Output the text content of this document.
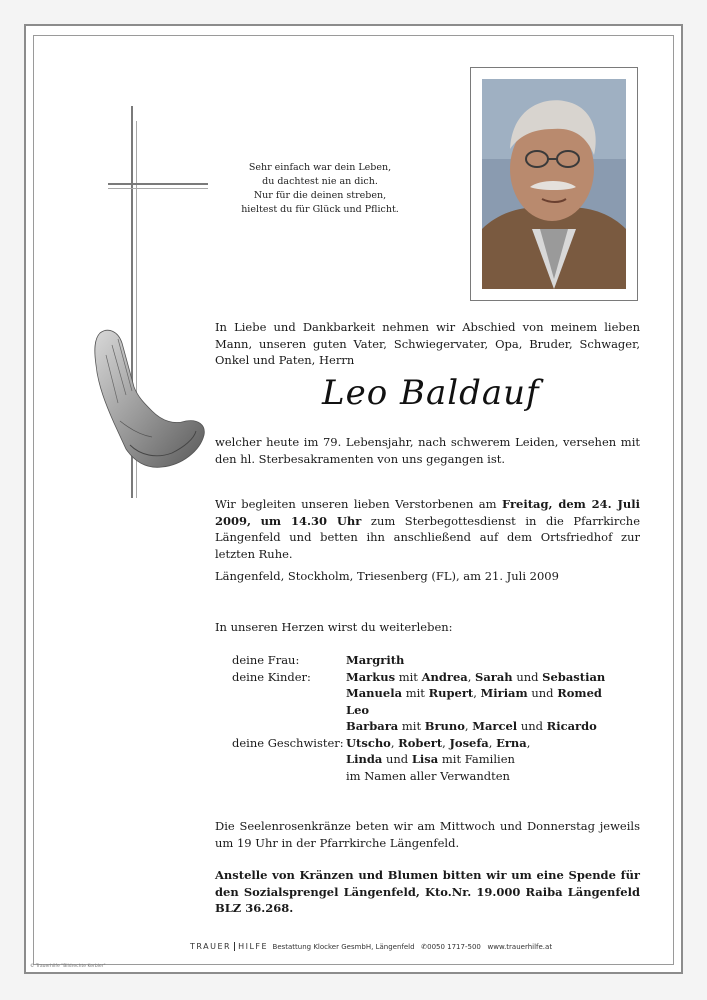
Sehr einfach war dein Leben,
du dachtest nie an dich.
Nur für die deinen streben,
hieltest du für Glück und Pflicht.
In Liebe und Dankbarkeit nehmen wir Abschied von meinem lieben Mann, unseren guten Vater, Schwiegervater, Opa, Bruder, Schwager, Onkel und Paten, Herrn
Leo Baldauf
welcher heute im 79. Lebensjahr, nach schwerem Leiden, versehen mit den hl. Sterbesakramenten von uns gegangen ist.
Wir begleiten unseren lieben Verstorbenen am Freitag, dem 24. Juli 2009, um 14.30 Uhr zum Sterbegottesdienst in die Pfarrkirche Längenfeld und betten ihn anschließend auf dem Ortsfriedhof zur letzten Ruhe.
Längenfeld, Stockholm, Triesenberg (FL), am 21. Juli 2009
In unseren Herzen wirst du weiterleben:
deine Frau:	Margrith
deine Kinder:	Markus mit Andrea, Sarah und Sebastian
Manuela mit Rupert, Miriam und Romed
Leo
Barbara mit Bruno, Marcel und Ricardo
deine Geschwister: Utscho, Robert, Josefa, Erna,
Linda und Lisa mit Familien
im Namen aller Verwandten
Die Seelenrosenkränze beten wir am Mittwoch und Donnerstag jeweils um 19 Uhr in der Pfarrkirche Längenfeld.
Anstelle von Kränzen und Blumen bitten wir um eine Spende für den Sozialsprengel Längenfeld, Kto.Nr. 19.000 Raiba Längenfeld BLZ 36.268.
TRAUER HILFE Bestattung Klocker GesmbH, Längenfeld ✆0050 1717-500 www.trauerhilfe.at
© Trauerhilfe "Bildrechte Kerbler"
